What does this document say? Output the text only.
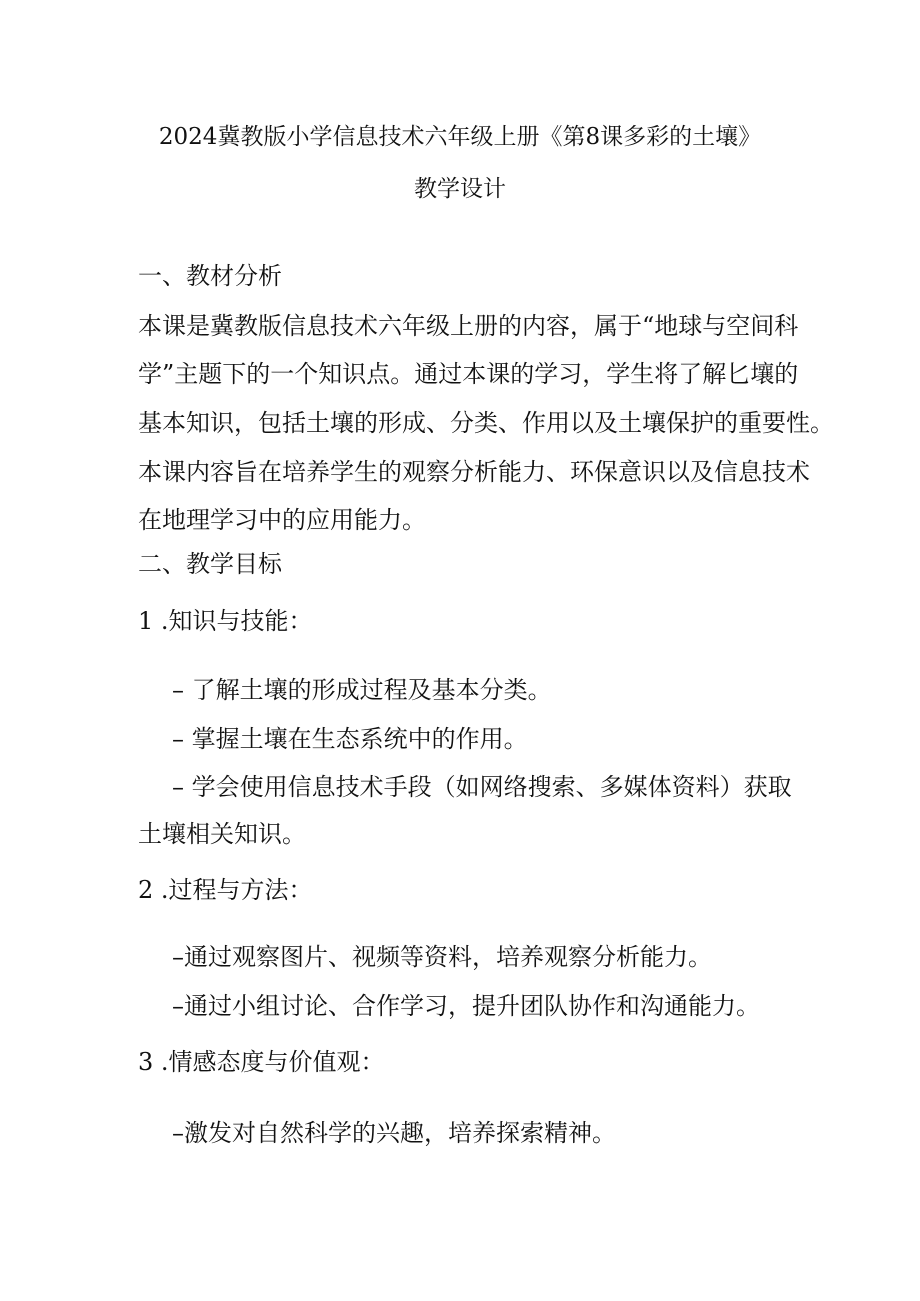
2024冀教版小学信息技术六年级上册《第8课多彩的土壤》
教学设计
一、教材分析
本课是冀教版信息技术六年级上册的内容，属于“地球与空间科
学”主题下的一个知识点。通过本课的学习，学生将了解匕壤的
基本知识，包括土壤的形成、分类、作用以及土壤保护的重要性。
本课内容旨在培养学生的观察分析能力、环保意识以及信息技术
在地理学习中的应用能力。
二、教学目标
1 .知识与技能：
– 了解土壤的形成过程及基本分类。
– 掌握土壤在生态系统中的作用。
– 学会使用信息技术手段（如网络搜索、多媒体资料）获取
土壤相关知识。
2 .过程与方法：
–通过观察图片、视频等资料，培养观察分析能力。
–通过小组讨论、合作学习，提升团队协作和沟通能力。
3 .情感态度与价值观：
–激发对自然科学的兴趣，培养探索精神。
